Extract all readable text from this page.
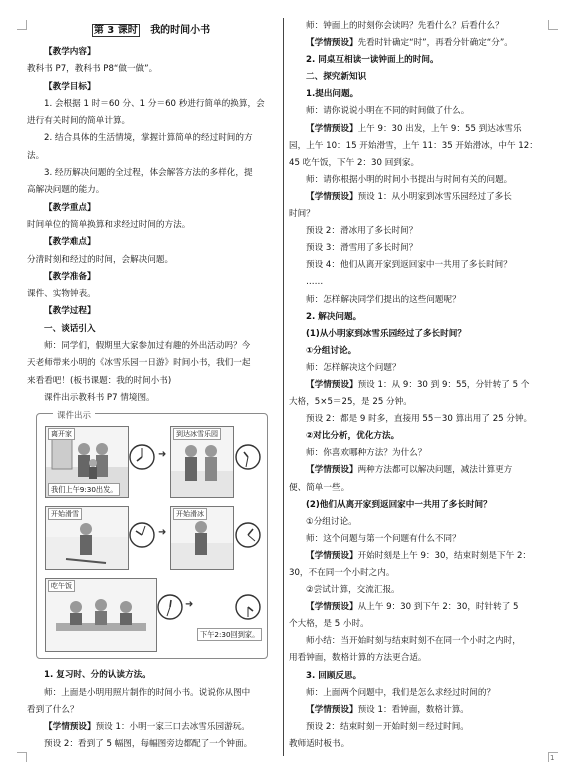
第 3 课时 我的时间小书
【教学内容】
教科书 P7，教科书 P8“做一做”。
【教学目标】
1. 会根据 1 时＝60 分、1 分＝60 秒进行简单的换算，会
进行有关时间的简单计算。
2. 结合具体的生活情境，掌握计算简单的经过时间的方
法。
3. 经历解决问题的全过程，体会解答方法的多样化，提
高解决问题的能力。
【教学重点】
时间单位的简单换算和求经过时间的方法。
【教学难点】
分清时刻和经过的时间，会解决问题。
【教学准备】
课件、实物钟表。
【教学过程】
一、谈话引入
师：同学们，假期里大家参加过有趣的外出活动吗？今
天老师带来小明的《冰雪乐园一日游》时间小书，我们一起
来看看吧！(板书课题：我的时间小书)
课件出示教科书 P7 情境图。
课件出示
离开家
我们上午9:30出发。
➜
到达冰雪乐园
开始滑雪
➜
开始滑冰
吃午饭
➜
下午2:30回到家。
1. 复习时、分的认读方法。
师：上面是小明用照片制作的时间小书。说说你从图中
看到了什么？
【学情预设】预设 1：小明一家三口去冰雪乐园游玩。
预设 2：看到了 5 幅图，每幅图旁边都配了一个钟面。
师：钟面上的时刻你会读吗？先看什么？后看什么？
【学情预设】先看时针确定“时”，再看分针确定“分”。
2. 同桌互相读一读钟面上的时间。
二、探究新知识
1.提出问题。
师：请你说说小明在不同的时间做了什么。
【学情预设】上午 9：30 出发，上午 9：55 到达冰雪乐
园，上午 10：15 开始滑雪，上午 11：35 开始滑冰，中午 12：
45 吃午饭，下午 2：30 回到家。
师：请你根据小明的时间小书提出与时间有关的问题。
【学情预设】预设 1：从小明家到冰雪乐园经过了多长
时间？
预设 2：滑冰用了多长时间？
预设 3：滑雪用了多长时间？
预设 4：他们从离开家到返回家中一共用了多长时间？
……
师：怎样解决同学们提出的这些问题呢？
2. 解决问题。
(1)从小明家到冰雪乐园经过了多长时间？
①分组讨论。
师：怎样解决这个问题？
【学情预设】预设 1：从 9：30 到 9：55，分针转了 5 个
大格，5×5＝25，是 25 分钟。
预设 2：都是 9 时多，直接用 55－30 算出用了 25 分钟。
②对比分析，优化方法。
师：你喜欢哪种方法？为什么？
【学情预设】两种方法都可以解决问题，减法计算更方
便、简单一些。
(2)他们从离开家到返回家中一共用了多长时间？
①分组讨论。
师：这个问题与第一个问题有什么不同？
【学情预设】开始时刻是上午 9：30，结束时刻是下午 2：
30，不在同一个小时之内。
②尝试计算，交流汇报。
【学情预设】从上午 9：30 到下午 2：30，时针转了 5
个大格，是 5 小时。
师小结：当开始时刻与结束时刻不在同一个小时之内时，
用看钟面，数格计算的方法更合适。
3. 回顾反思。
师：上面两个问题中，我们是怎么求经过时间的？
【学情预设】预设 1：看钟面，数格计算。
预设 2：结束时刻－开始时刻＝经过时间。
教师适时板书。
1
